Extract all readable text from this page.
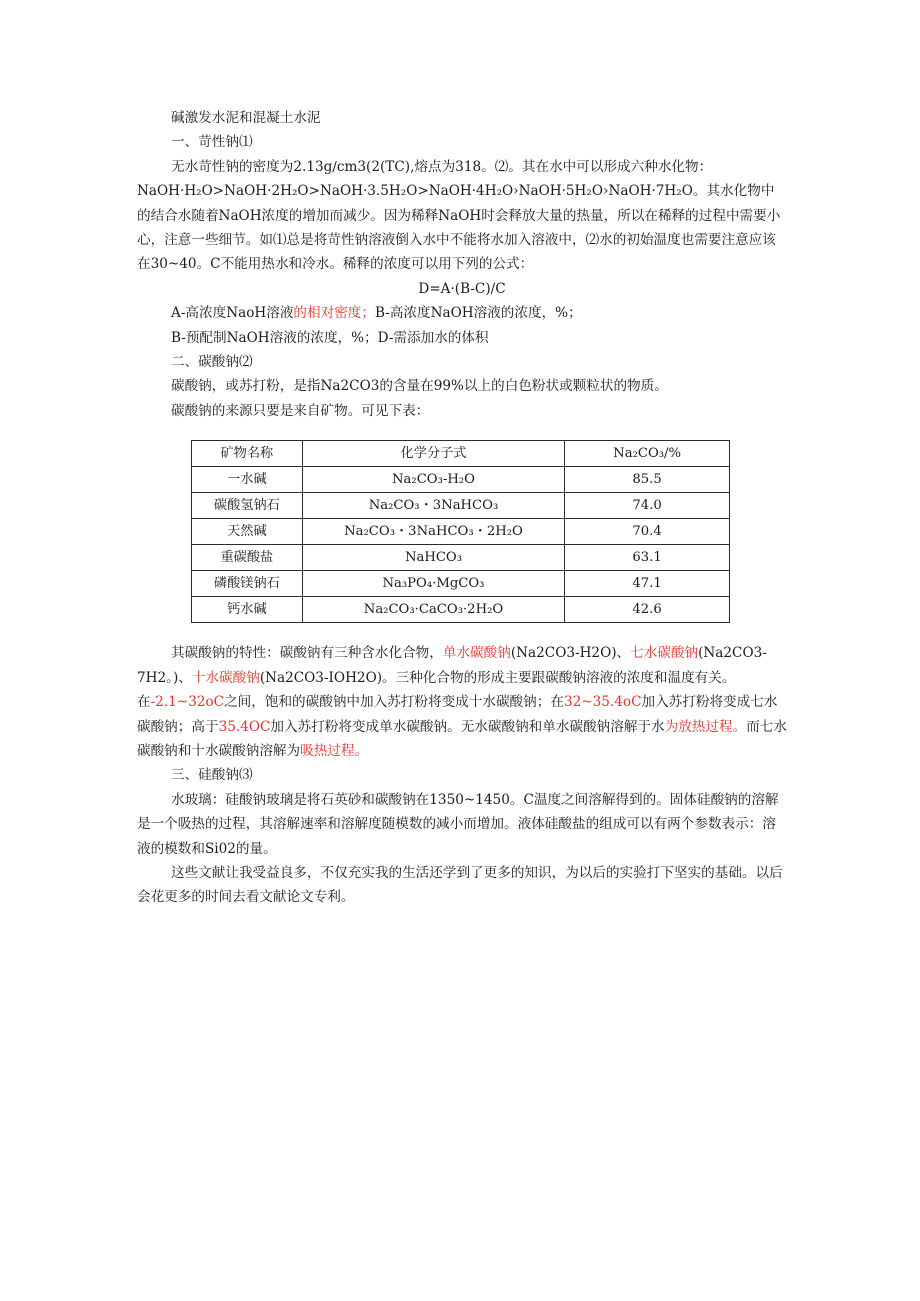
碱激发水泥和混凝土水泥

一、苛性钠⑴

无水苛性钠的密度为2.13g∕cm3(2(TC),熔点为318。⑵。其在水中可以形成六种水化物：

NaOH·H₂O>NaOH·2H₂O>NaOH·3.5H₂O>NaOH·4H₂O›NaOH·5H₂O›NaOH·7H₂O。其水化物中的结合水随着NaOH浓度的增加而减少。因为稀释NaOH时会释放大量的热量，所以在稀释的过程中需要小心，注意一些细节。如⑴总是将苛性钠溶液倒入水中不能将水加入溶液中，⑵水的初始温度也需要注意应该在30~40。C不能用热水和冷水。稀释的浓度可以用下列的公式：

D=A·(B-C)/C

A-高浓度NaoH溶液的相对密度；B-高浓度NaOH溶液的浓度，%；

B-预配制NaOH溶液的浓度，%；D-需添加水的体积

二、碳酸钠⑵

碳酸钠，或苏打粉，是指Na2CO3的含量在99%以上的白色粉状或颗粒状的物质。

碳酸钠的来源只要是来自矿物。可见下表：

矿物名称	化学分子式	Na₂CO₃/%
一水碱	Na₂CO₃-H₂O	85.5
碳酸氢钠石	Na₂CO₃・3NaHCO₃	74.0
天然碱	Na₂CO₃・3NaHCO₃・2H₂O	70.4
重碳酸盐	NaHCO₃	63.1
磷酸镁钠石	Na₃PO₄·MgCO₃	47.1
钙水碱	Na₂CO₃·CaCO₃·2H₂O	42.6

其碳酸钠的特性：碳酸钠有三种含水化合物，单水碳酸钠(Na2CO3-H2O)、七水碳酸钠(Na2CO3-7H2。)、十水碳酸钠(Na2CO3-IOH2O)。三种化合物的形成主要跟碳酸钠溶液的浓度和温度有关。在-2.1~32oC之间，饱和的碳酸钠中加入苏打粉将变成十水碳酸钠；在32~35.4oC加入苏打粉将变成七水碳酸钠；高于35.4OC加入苏打粉将变成单水碳酸钠。无水碳酸钠和单水碳酸钠溶解于水为放热过程。而七水碳酸钠和十水碳酸钠溶解为吸热过程。

三、硅酸钠⑶

水玻璃：硅酸钠玻璃是将石英砂和碳酸钠在1350~1450。C温度之间溶解得到的。固体硅酸钠的溶解是一个吸热的过程，其溶解速率和溶解度随模数的减小而增加。液体硅酸盐的组成可以有两个参数表示：溶液的模数和Si02的量。

这些文献让我受益良多，不仅充实我的生活还学到了更多的知识，为以后的实验打下坚实的基础。以后会花更多的时间去看文献论文专利。
